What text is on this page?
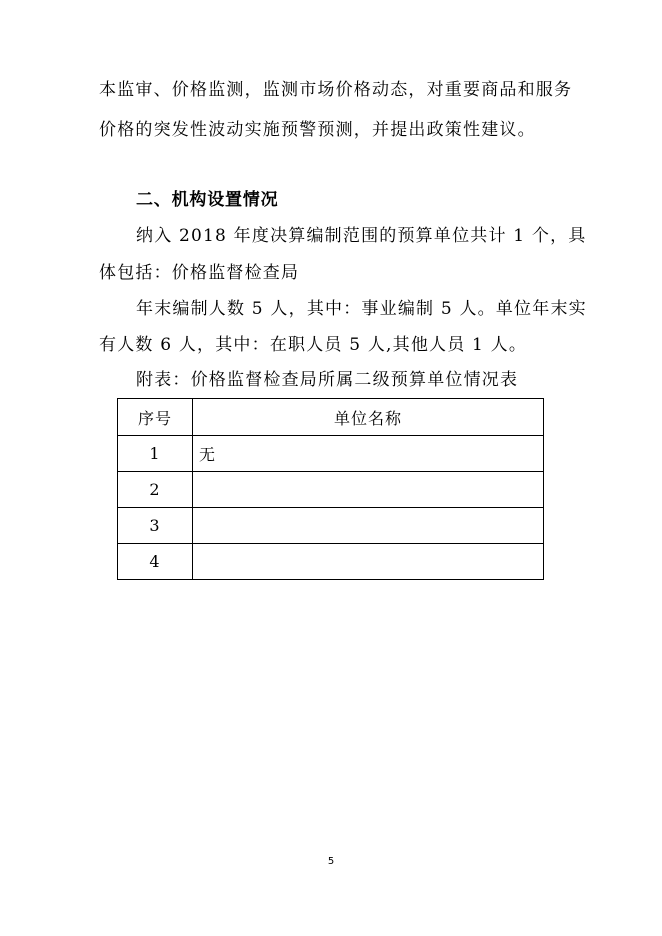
本监审、价格监测，监测市场价格动态，对重要商品和服务
价格的突发性波动实施预警预测，并提出政策性建议。
二、机构设置情况
纳入 2018 年度决算编制范围的预算单位共计 1 个，具
体包括：价格监督检查局
年末编制人数 5 人，其中：事业编制 5 人。单位年末实
有人数 6 人，其中：在职人员 5 人,其他人员 1 人。
附表：价格监督检查局所属二级预算单位情况表
序号	单位名称
1	无
2	
3	
4	
5
